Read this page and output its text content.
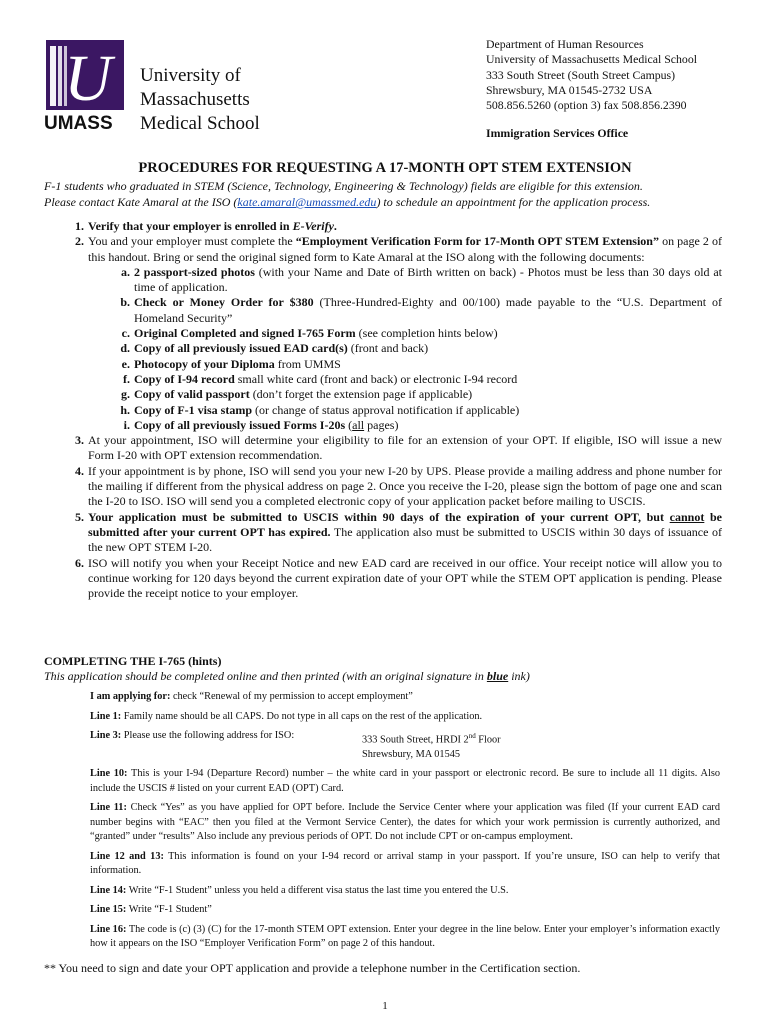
U
UMASS
University of
Massachusetts
Medical School
Department of Human Resources
University of Massachusetts Medical School
333 South Street (South Street Campus)
Shrewsbury, MA 01545-2732 USA
508.856.5260 (option 3) fax 508.856.2390
Immigration Services Office
PROCEDURES FOR REQUESTING A 17-MONTH OPT STEM EXTENSION
F-1 students who graduated in STEM (Science, Technology, Engineering & Technology) fields are eligible for this extension.
Please contact Kate Amaral at the ISO (kate.amaral@umassmed.edu) to schedule an appointment for the application process.
1. Verify that your employer is enrolled in E-Verify.
2. You and your employer must complete the “Employment Verification Form for 17-Month OPT STEM Extension” on page 2 of this handout. Bring or send the original signed form to Kate Amaral at the ISO along with the following documents:
a. 2 passport-sized photos (with your Name and Date of Birth written on back) - Photos must be less than 30 days old at time of application.
b. Check or Money Order for $380 (Three-Hundred-Eighty and 00/100) made payable to the “U.S. Department of Homeland Security”
c. Original Completed and signed I-765 Form (see completion hints below)
d. Copy of all previously issued EAD card(s) (front and back)
e. Photocopy of your Diploma from UMMS
f. Copy of I-94 record small white card (front and back) or electronic I-94 record
g. Copy of valid passport (don’t forget the extension page if applicable)
h. Copy of F-1 visa stamp (or change of status approval notification if applicable)
i. Copy of all previously issued Forms I-20s (all pages)
3. At your appointment, ISO will determine your eligibility to file for an extension of your OPT. If eligible, ISO will issue a new Form I-20 with OPT extension recommendation.
4. If your appointment is by phone, ISO will send you your new I-20 by UPS. Please provide a mailing address and phone number for the mailing if different from the physical address on page 2. Once you receive the I-20, please sign the bottom of page one and scan the I-20 to ISO. ISO will send you a completed electronic copy of your application packet before mailing to USCIS.
5. Your application must be submitted to USCIS within 90 days of the expiration of your current OPT, but cannot be submitted after your current OPT has expired. The application also must be submitted to USCIS within 30 days of issuance of the new OPT STEM I-20.
6. ISO will notify you when your Receipt Notice and new EAD card are received in our office. Your receipt notice will allow you to continue working for 120 days beyond the current expiration date of your OPT while the STEM OPT application is pending. Please provide the receipt notice to your employer.
COMPLETING THE I-765 (hints)
This application should be completed online and then printed (with an original signature in blue ink)
I am applying for: check “Renewal of my permission to accept employment”
Line 1: Family name should be all CAPS. Do not type in all caps on the rest of the application.
Line 3: Please use the following address for ISO:	333 South Street, HRDI 2nd Floor
Shrewsbury, MA 01545
Line 10: This is your I-94 (Departure Record) number – the white card in your passport or electronic record. Be sure to include all 11 digits. Also include the USCIS # listed on your current EAD (OPT) Card.
Line 11: Check “Yes” as you have applied for OPT before. Include the Service Center where your application was filed (If your current EAD card number begins with “EAC” then you filed at the Vermont Service Center), the dates for which your work permission is currently authorized, and “granted” under “results” Also include any previous periods of OPT. Do not include CPT or on-campus employment.
Line 12 and 13: This information is found on your I-94 record or arrival stamp in your passport. If you’re unsure, ISO can help to verify that information.
Line 14: Write “F-1 Student” unless you held a different visa status the last time you entered the U.S.
Line 15: Write “F-1 Student”
Line 16: The code is (c) (3) (C) for the 17-month STEM OPT extension. Enter your degree in the line below. Enter your employer’s information exactly how it appears on the ISO “Employer Verification Form” on page 2 of this handout.
** You need to sign and date your OPT application and provide a telephone number in the Certification section.
1
